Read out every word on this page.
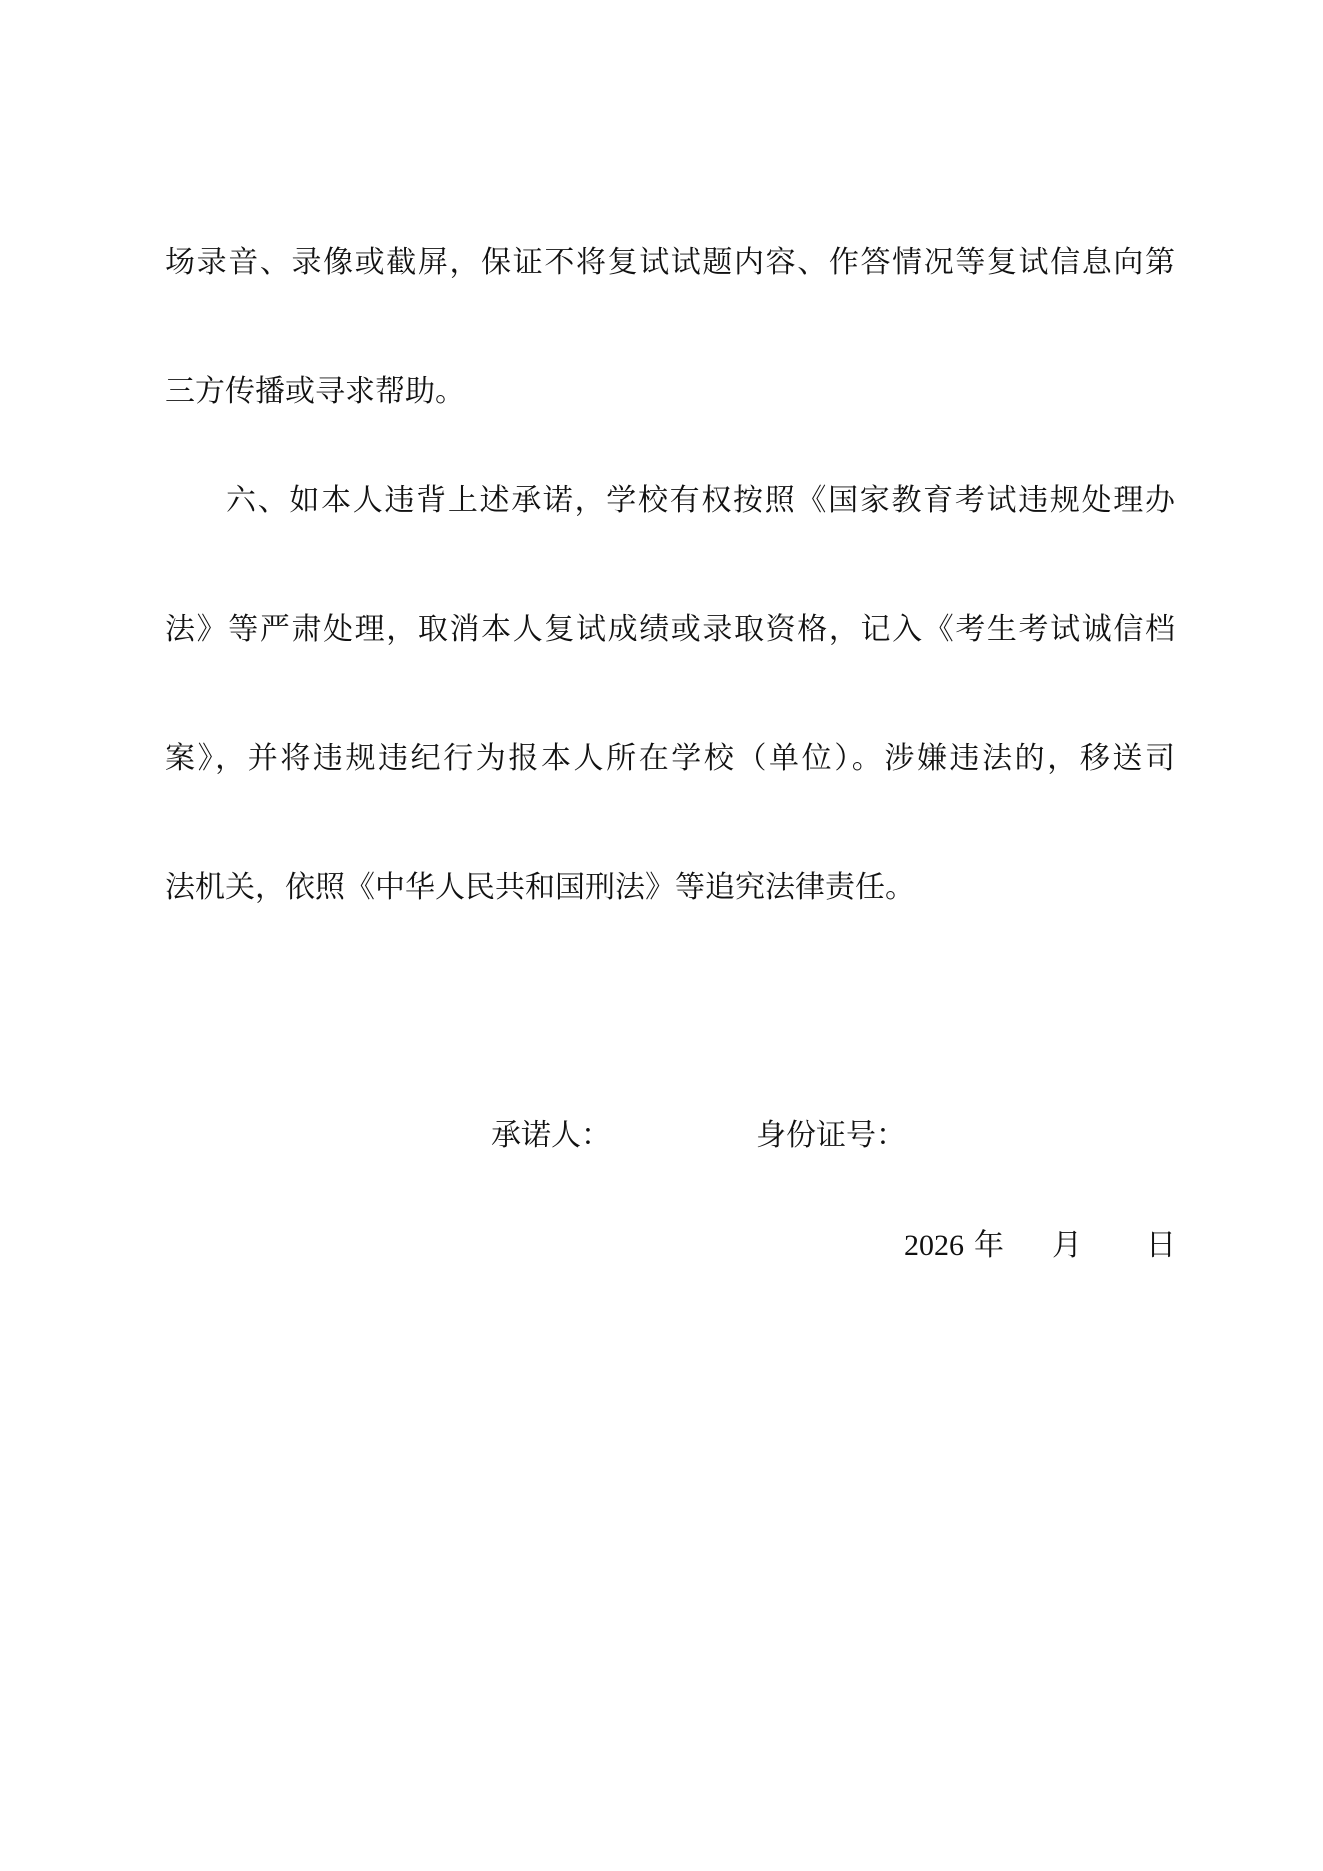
场录音、录像或截屏，保证不将复试试题内容、作答情况等复试信息向第
三方传播或寻求帮助。
六、如本人违背上述承诺，学校有权按照《国家教育考试违规处理办
法》等严肃处理，取消本人复试成绩或录取资格，记入《考生考试诚信档
案》，并将违规违纪行为报本人所在学校（单位）。涉嫌违法的，移送司
法机关，依照《中华人民共和国刑法》等追究法律责任。
承诺人：	身份证号：
2026 年 月 日
